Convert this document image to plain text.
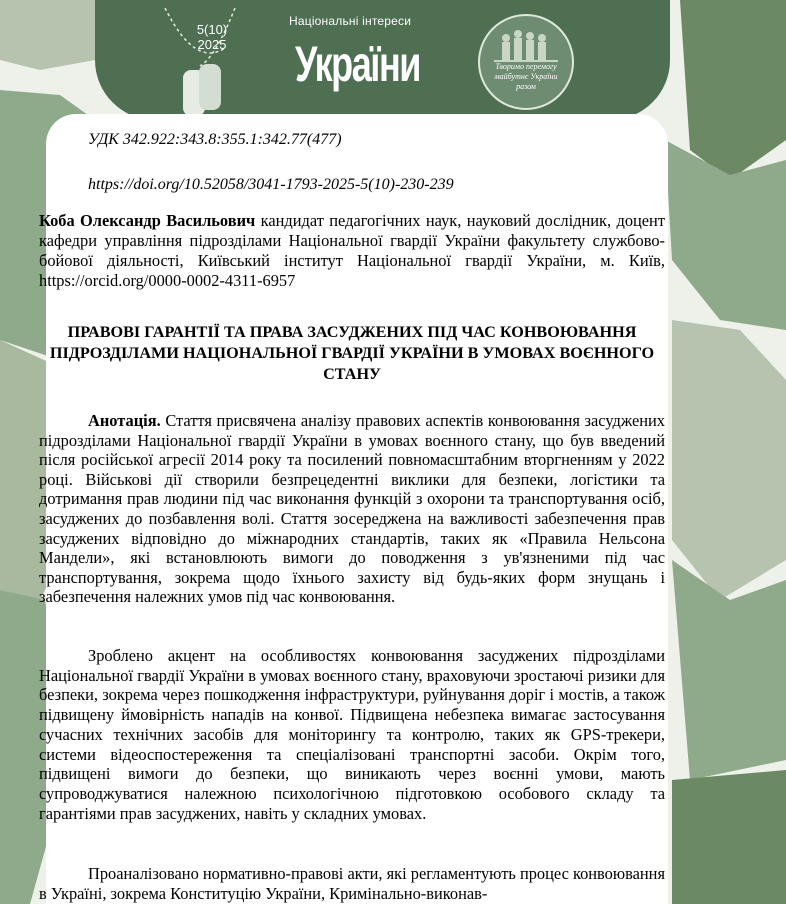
5(10)
2025
Національні інтереси
України	Творимо перемогу
майбутнє України
разом
УДК 342.922:343.8:355.1:342.77(477)
https://doi.org/10.52058/3041-1793-2025-5(10)-230-239
Коба Олександр Васильович кандидат педагогічних наук, науковий дослідник, доцент кафедри управління підрозділами Національної гвардії України факультету службово-бойової діяльності, Київський інститут Національної гвардії України, м. Київ, https://orcid.org/0000-0002-4311-6957
ПРАВОВІ ГАРАНТІЇ ТА ПРАВА ЗАСУДЖЕНИХ ПІД ЧАС КОНВОЮВАННЯ ПІДРОЗДІЛАМИ НАЦІОНАЛЬНОЇ ГВАРДІЇ УКРАЇНИ В УМОВАХ ВОЄННОГО СТАНУ
Анотація. Стаття присвячена аналізу правових аспектів конвоювання засуджених підрозділами Національної гвардії України в умовах воєнного стану, що був введений після російської агресії 2014 року та посилений повномасштабним вторгненням у 2022 році. Військові дії створили безпрецедентні виклики для безпеки, логістики та дотримання прав людини під час виконання функцій з охорони та транспортування осіб, засуджених до позбавлення волі. Стаття зосереджена на важливості забезпечення прав засуджених відповідно до міжнародних стандартів, таких як «Правила Нельсона Мандели», які встановлюють вимоги до поводження з ув'язненими під час транспортування, зокрема щодо їхнього захисту від будь-яких форм знущань і забезпечення належних умов під час конвоювання.
Зроблено акцент на особливостях конвоювання засуджених підрозділами Національної гвардії України в умовах воєнного стану, враховуючи зростаючі ризики для безпеки, зокрема через пошкодження інфраструктури, руйнування доріг і мостів, а також підвищену ймовірність нападів на конвої. Підвищена небезпека вимагає застосування сучасних технічних засобів для моніторингу та контролю, таких як GPS-трекери, системи відеоспостереження та спеціалізовані транспортні засоби. Окрім того, підвищені вимоги до безпеки, що виникають через воєнні умови, мають супроводжуватися належною психологічною підготовкою особового складу та гарантіями прав засуджених, навіть у складних умовах.
Проаналізовано нормативно-правові акти, які регламентують процес конвоювання в Україні, зокрема Конституцію України, Кримінально-виконав-
